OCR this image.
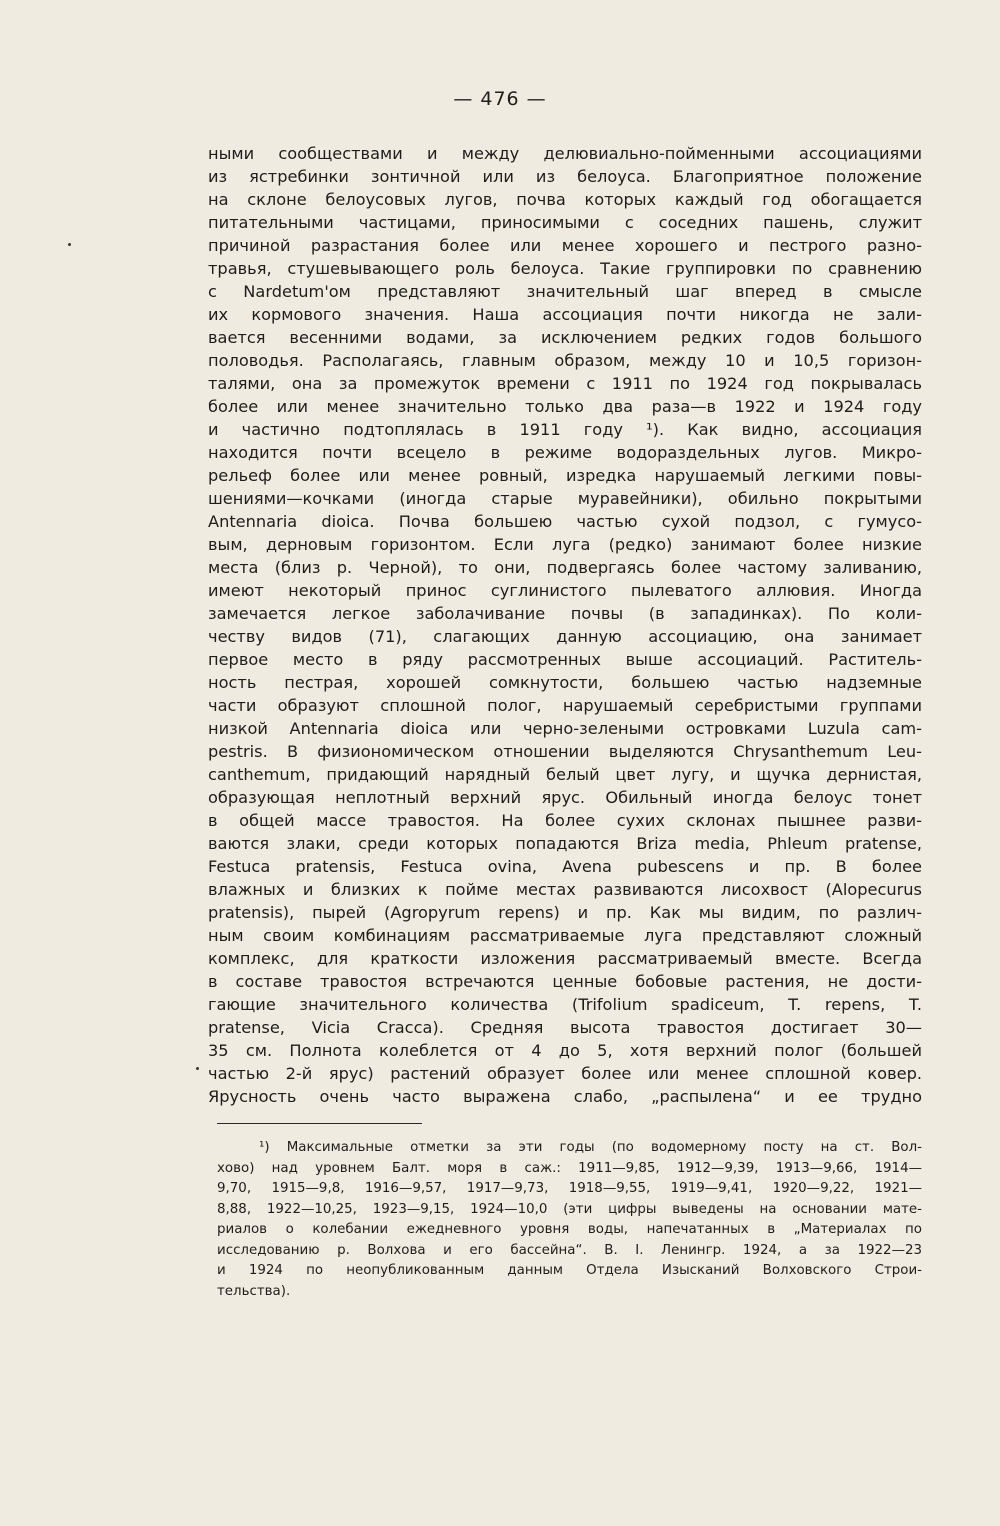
— 476 —
ными сообществами и между делювиально-пойменными ассоциациями
из ястребинки зонтичной или из белоуса. Благоприятное положение
на склоне белоусовых лугов, почва которых каждый год обогащается
питательными частицами, приносимыми с соседних пашень, служит
причиной разрастания более или менее хорошего и пестрого разно-
травья, стушевывающего роль белоуса. Такие группировки по сравнению
с Nardetum'ом представляют значительный шаг вперед в смысле
их кормового значения. Наша ассоциация почти никогда не зали-
вается весенними водами, за исключением редких годов большого
половодья. Располагаясь, главным образом, между 10 и 10,5 горизон-
талями, она за промежуток времени с 1911 по 1924 год покрывалась
более или менее значительно только два раза—в 1922 и 1924 году
и частично подтоплялась в 1911 году ¹). Как видно, ассоциация
находится почти всецело в режиме водораздельных лугов. Микро-
рельеф более или менее ровный, изредка нарушаемый легкими повы-
шениями—кочками (иногда старые муравейники), обильно покрытыми
Antennaria dioica. Почва большею частью сухой подзол, с гумусо-
вым, дерновым горизонтом. Если луга (редко) занимают более низкие
места (близ р. Черной), то они, подвергаясь более частому заливанию,
имеют некоторый принос суглинистого пылеватого аллювия. Иногда
замечается легкое заболачивание почвы (в западинках). По коли-
честву видов (71), слагающих данную ассоциацию, она занимает
первое место в ряду рассмотренных выше ассоциаций. Раститель-
ность пестрая, хорошей сомкнутости, большею частью надземные
части образуют сплошной полог, нарушаемый серебристыми группами
низкой Antennaria dioica или черно-зелеными островками Luzula cam-
pestris. В физиономическом отношении выделяются Chrysanthemum Leu-
canthemum, придающий нарядный белый цвет лугу, и щучка дернистая,
образующая неплотный верхний ярус. Обильный иногда белоус тонет
в общей массе травостоя. На более сухих склонах пышнее разви-
ваются злаки, среди которых попадаются Briza media, Phleum pratense,
Festuca pratensis, Festuca ovina, Avena pubescens и пр. В более
влажных и близких к пойме местах развиваются лисохвост (Alopecurus
pratensis), пырей (Agropyrum repens) и пр. Как мы видим, по различ-
ным своим комбинациям рассматриваемые луга представляют сложный
комплекс, для краткости изложения рассматриваемый вместе. Всегда
в составе травостоя встречаются ценные бобовые растения, не дости-
гающие значительного количества (Trifolium spadiceum, T. repens, T.
pratense, Vicia Cracca). Средняя высота травостоя достигает 30—
35 см. Полнота колеблется от 4 до 5, хотя верхний полог (большей
частью 2-й ярус) растений образует более или менее сплошной ковер.
Ярусность очень часто выражена слабо, „распылена“ и ее трудно
¹) Максимальные отметки за эти годы (по водомерному посту на ст. Вол-
хово) над уровнем Балт. моря в саж.: 1911—9,85, 1912—9,39, 1913—9,66, 1914—
9,70, 1915—9,8, 1916—9,57, 1917—9,73, 1918—9,55, 1919—9,41, 1920—9,22, 1921—
8,88, 1922—10,25, 1923—9,15, 1924—10,0 (эти цифры выведены на основании мате-
риалов о колебании ежедневного уровня воды, напечатанных в „Материалах по
исследованию р. Волхова и его бассейна“. В. I. Ленингр. 1924, а за 1922—23
и 1924 по неопубликованным данным Отдела Изысканий Волховского Строи-
тельства).
